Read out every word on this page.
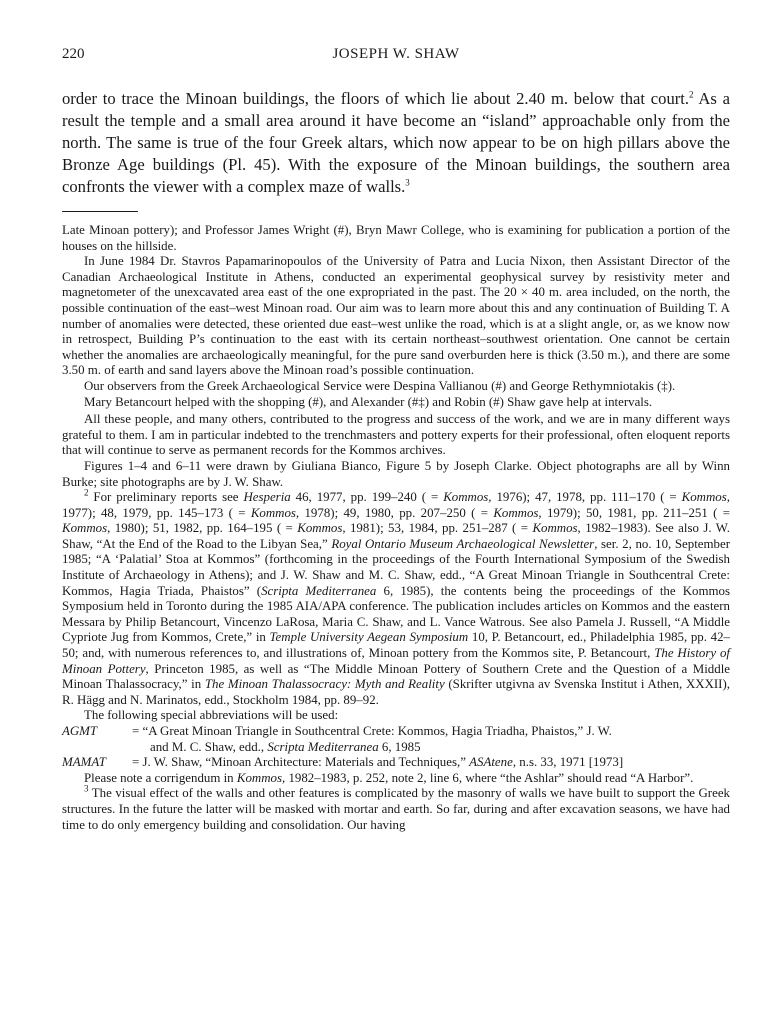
220	JOSEPH W. SHAW
order to trace the Minoan buildings, the floors of which lie about 2.40 m. below that court.$^2$ As a result the temple and a small area around it have become an “island” approachable only from the north. The same is true of the four Greek altars, which now appear to be on high pillars above the Bronze Age buildings (Pl. 45). With the exposure of the Minoan buildings, the southern area confronts the viewer with a complex maze of walls.$^3$

Late Minoan pottery); and Professor James Wright (#), Bryn Mawr College, who is examining for publication a portion of the houses on the hillside.

In June 1984 Dr. Stavros Papamarinopoulos of the University of Patra and Lucia Nixon, then Assistant Director of the Canadian Archaeological Institute in Athens, conducted an experimental geophysical survey by resistivity meter and magnetometer of the unexcavated area east of the one expropriated in the past. The 20 × 40 m. area included, on the north, the possible continuation of the east–west Minoan road. Our aim was to learn more about this and any continuation of Building T. A number of anomalies were detected, these oriented due east–west unlike the road, which is at a slight angle, or, as we know now in retrospect, Building P’s continuation to the east with its certain northeast–southwest orientation. One cannot be certain whether the anomalies are archaeologically meaningful, for the pure sand overburden here is thick (3.50 m.), and there are some 3.50 m. of earth and sand layers above the Minoan road’s possible continuation.

Our observers from the Greek Archaeological Service were Despina Vallianou (#) and George Rethymniotakis (‡).

Mary Betancourt helped with the shopping (#), and Alexander (#‡) and Robin (#) Shaw gave help at intervals.

All these people, and many others, contributed to the progress and success of the work, and we are in many different ways grateful to them. I am in particular indebted to the trenchmasters and pottery experts for their professional, often eloquent reports that will continue to serve as permanent records for the Kommos archives.

Figures 1–4 and 6–11 were drawn by Giuliana Bianco, Figure 5 by Joseph Clarke. Object photographs are all by Winn Burke; site photographs are by J. W. Shaw.

$^2$ For preliminary reports see Hesperia 46, 1977, pp. 199–240 ( = Kommos, 1976); 47, 1978, pp. 111–170 ( = Kommos, 1977); 48, 1979, pp. 145–173 ( = Kommos, 1978); 49, 1980, pp. 207–250 ( = Kommos, 1979); 50, 1981, pp. 211–251 ( = Kommos, 1980); 51, 1982, pp. 164–195 ( = Kommos, 1981); 53, 1984, pp. 251–287 ( = Kommos, 1982–1983). See also J. W. Shaw, “At the End of the Road to the Libyan Sea,” Royal Ontario Museum Archaeological Newsletter, ser. 2, no. 10, September 1985; “A ‘Palatial’ Stoa at Kommos” (forthcoming in the proceedings of the Fourth International Symposium of the Swedish Institute of Archaeology in Athens); and J. W. Shaw and M. C. Shaw, edd., “A Great Minoan Triangle in Southcentral Crete: Kommos, Hagia Triada, Phaistos” (Scripta Mediterranea 6, 1985), the contents being the proceedings of the Kommos Symposium held in Toronto during the 1985 AIA/APA conference. The publication includes articles on Kommos and the eastern Messara by Philip Betancourt, Vincenzo LaRosa, Maria C. Shaw, and L. Vance Watrous. See also Pamela J. Russell, “A Middle Cypriote Jug from Kommos, Crete,” in Temple University Aegean Symposium 10, P. Betancourt, ed., Philadelphia 1985, pp. 42–50; and, with numerous references to, and illustrations of, Minoan pottery from the Kommos site, P. Betancourt, The History of Minoan Pottery, Princeton 1985, as well as “The Middle Minoan Pottery of Southern Crete and the Question of a Middle Minoan Thalassocracy,” in The Minoan Thalassocracy: Myth and Reality (Skrifter utgivna av Svenska Institut i Athen, XXXII), R. Hägg and N. Marinatos, edd., Stockholm 1984, pp. 89–92.

The following special abbreviations will be used:

AGMT	= “A Great Minoan Triangle in Southcentral Crete: Kommos, Hagia Triadha, Phaistos,” J. W.
and M. C. Shaw, edd., Scripta Mediterranea 6, 1985
MAMAT	= J. W. Shaw, “Minoan Architecture: Materials and Techniques,” ASAtene, n.s. 33, 1971 [1973]

Please note a corrigendum in Kommos, 1982–1983, p. 252, note 2, line 6, where “the Ashlar” should read “A Harbor”.

$^3$ The visual effect of the walls and other features is complicated by the masonry of walls we have built to support the Greek structures. In the future the latter will be masked with mortar and earth. So far, during and after excavation seasons, we have had time to do only emergency building and consolidation. Our having
